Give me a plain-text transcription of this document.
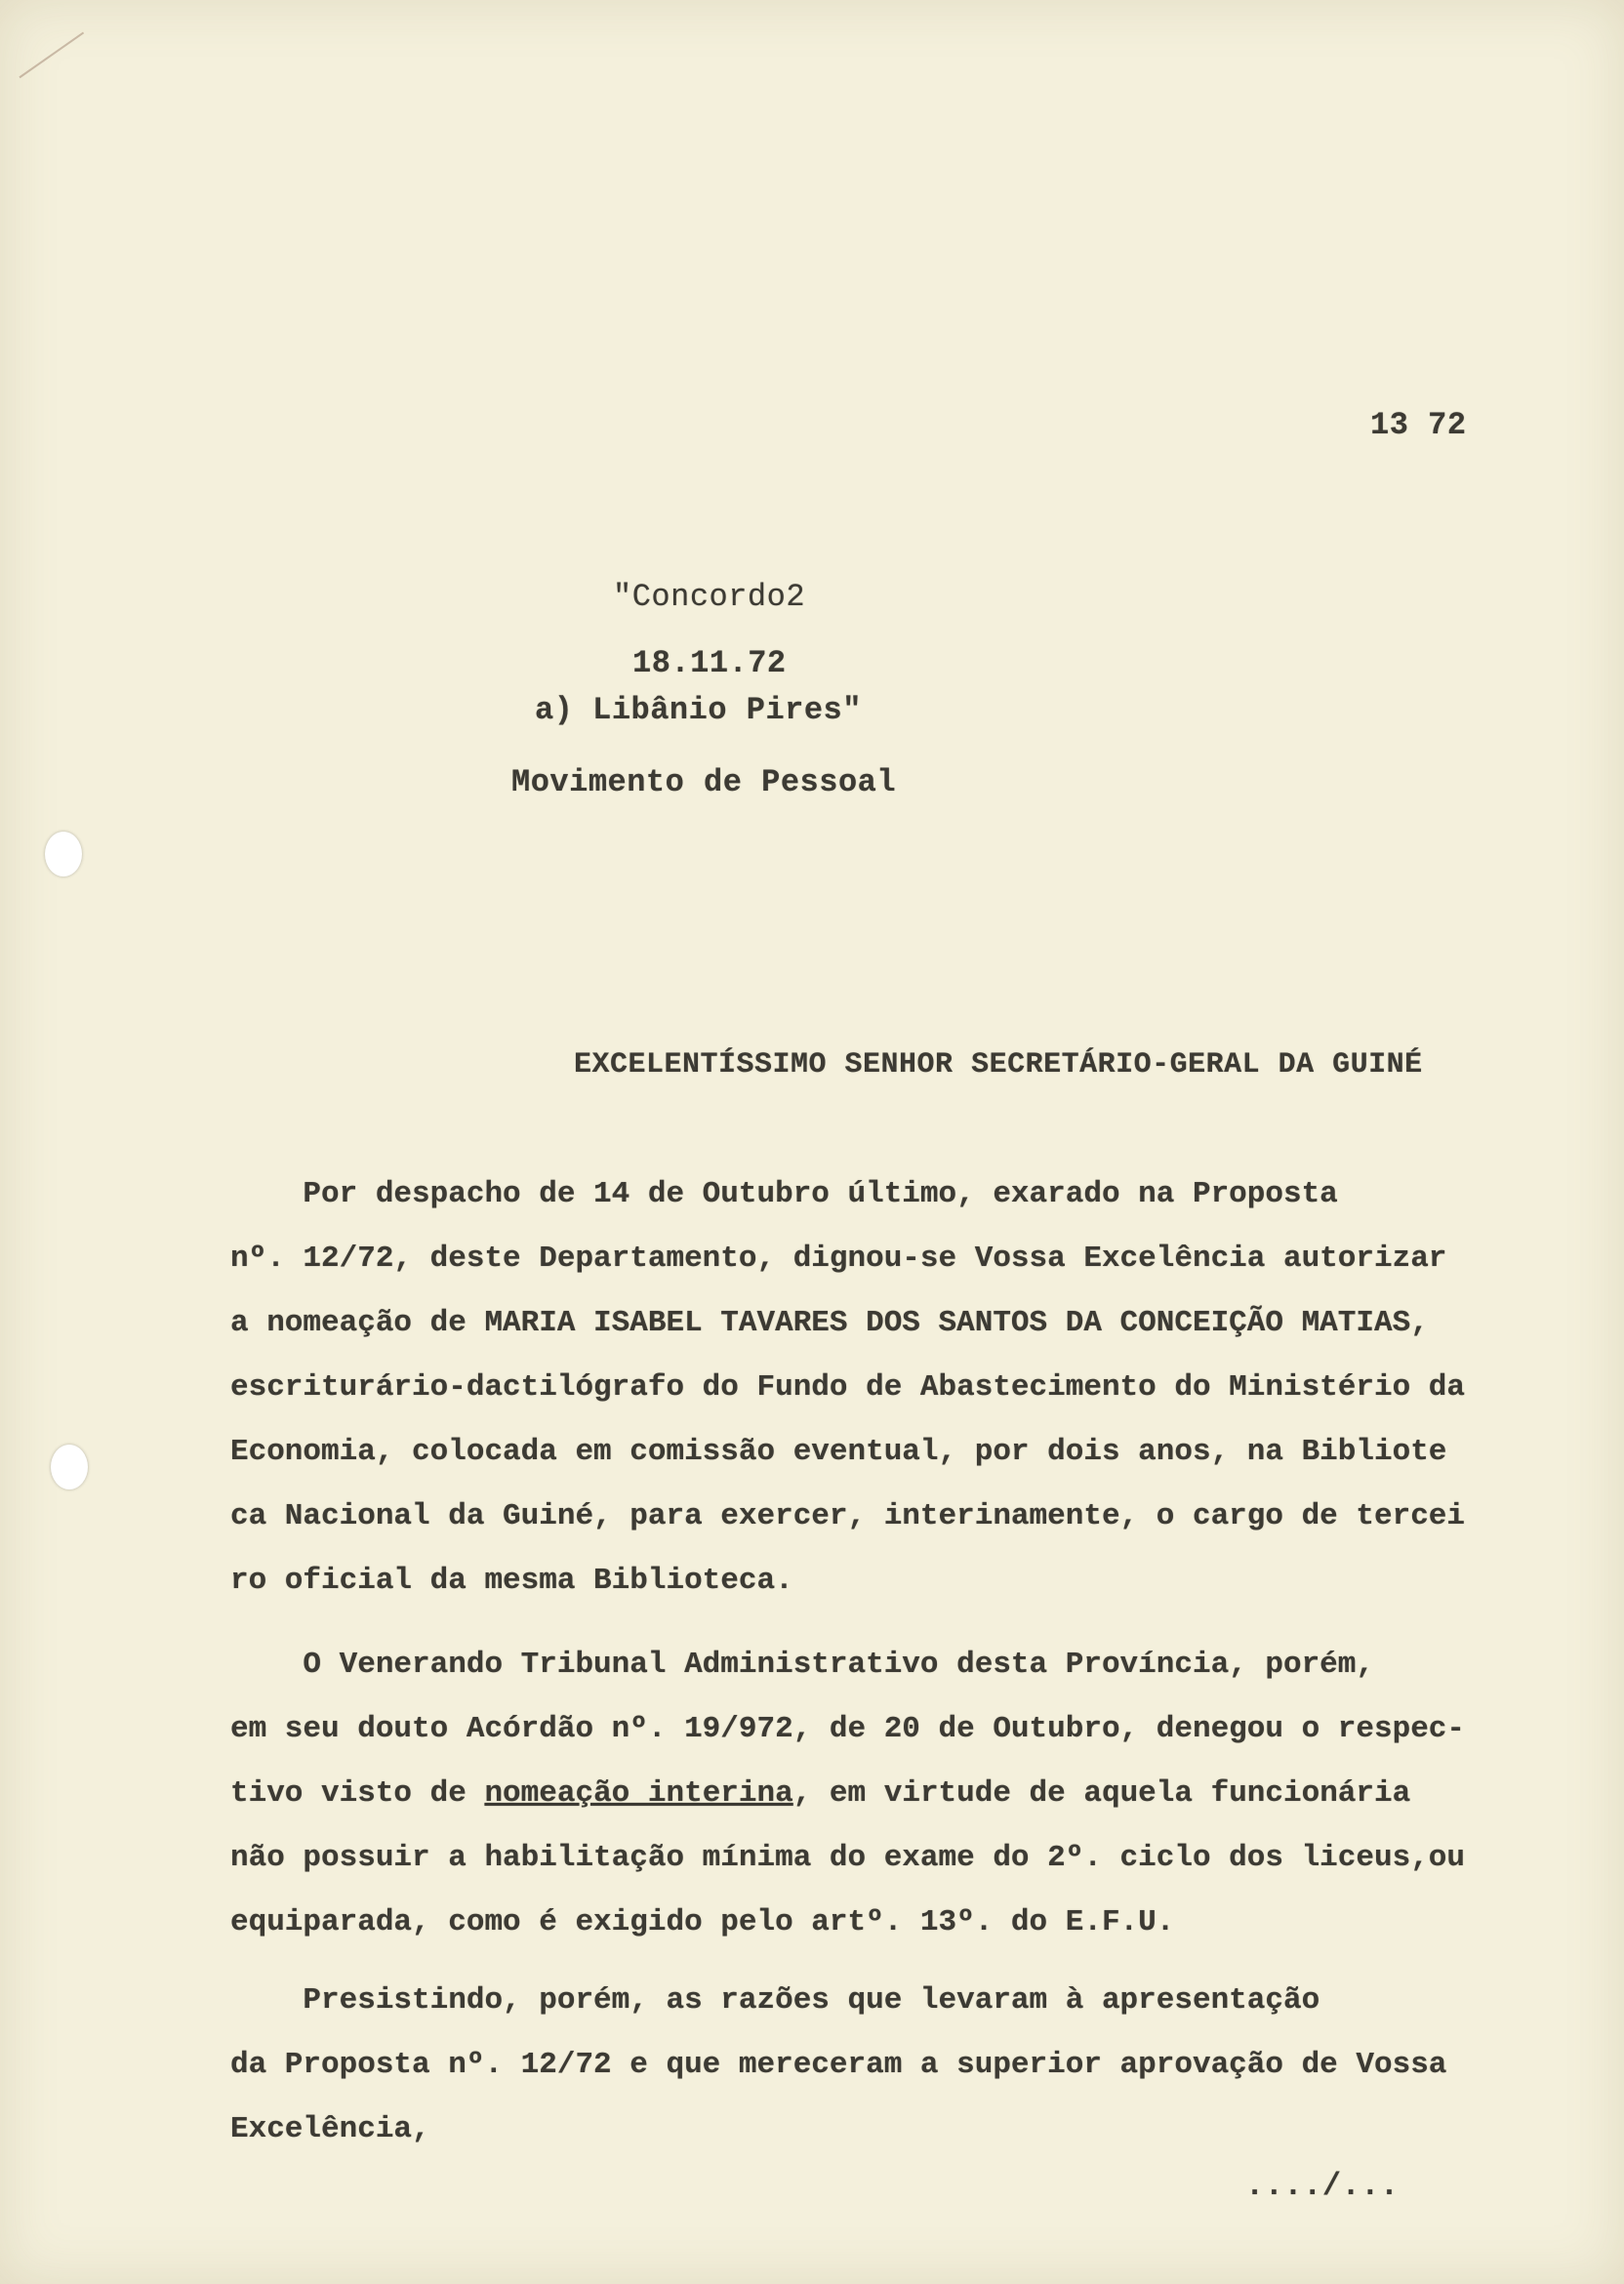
13 72
"Concordo2
18.11.72
a) Libânio Pires"
Movimento de Pessoal
EXCELENTÍSSIMO SENHOR SECRETÁRIO-GERAL DA GUINÉ
Por despacho de 14 de Outubro último, exarado na Proposta
nº. 12/72, deste Departamento, dignou-se Vossa Excelência autorizar
a nomeação de MARIA ISABEL TAVARES DOS SANTOS DA CONCEIÇÃO MATIAS,
escriturário-dactilógrafo do Fundo de Abastecimento do Ministério da
Economia, colocada em comissão eventual, por dois anos, na Bibliote
ca Nacional da Guiné, para exercer, interinamente, o cargo de tercei
ro oficial da mesma Biblioteca.
O Venerando Tribunal Administrativo desta Província, porém,
em seu douto Acórdão nº. 19/972, de 20 de Outubro, denegou o respec-
tivo visto de nomeação interina, em virtude de aquela funcionária
não possuir a habilitação mínima do exame do 2º. ciclo dos liceus,ou
equiparada, como é exigido pelo artº. 13º. do E.F.U.
Presistindo, porém, as razões que levaram à apresentação
da Proposta nº. 12/72 e que mereceram a superior aprovação de Vossa
Excelência,
..../...
